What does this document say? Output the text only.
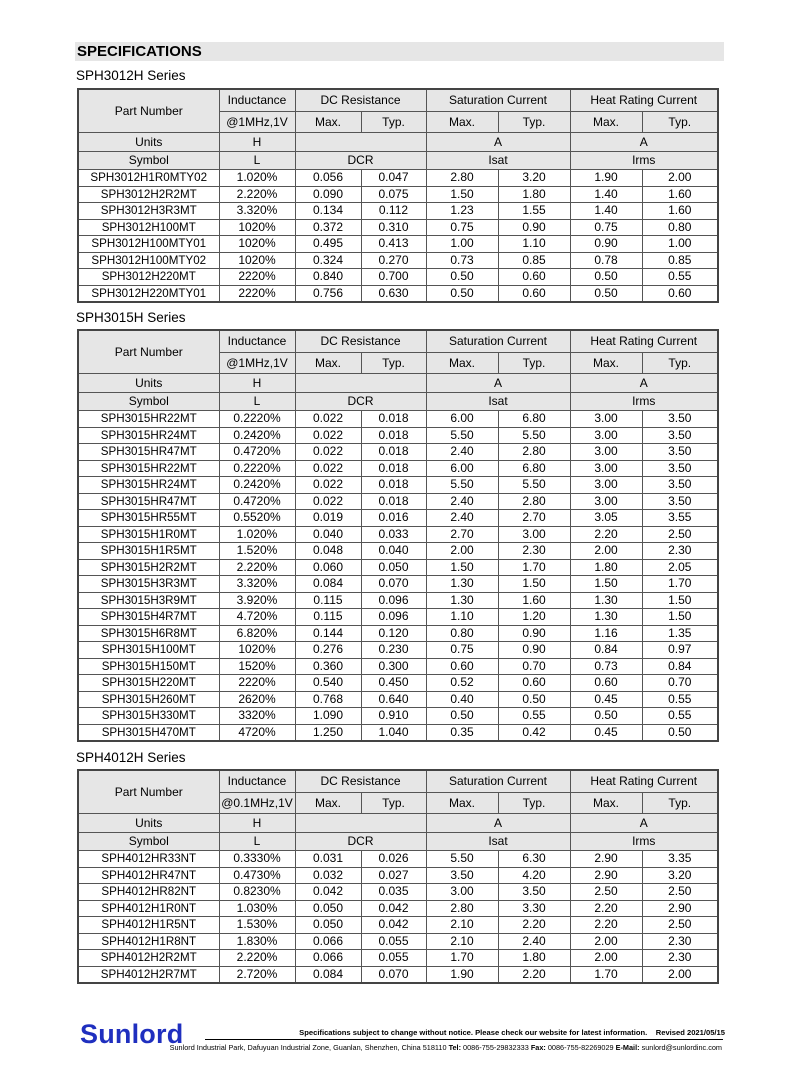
SPECIFICATIONS
SPH3012H Series
Part Number	Inductance	DC Resistance		Saturation Current		Heat Rating Current	
	@1MHz,1V	Max.	Typ.	Max.	Typ.	Max.	Typ.
Units	H			A		A	
Symbol	L	DCR		Isat		Irms	
SPH3012H1R0MTY02	1.020%	0.056	0.047	2.80	3.20	1.90	2.00
SPH3012H2R2MT	2.220%	0.090	0.075	1.50	1.80	1.40	1.60
SPH3012H3R3MT	3.320%	0.134	0.112	1.23	1.55	1.40	1.60
SPH3012H100MT	1020%	0.372	0.310	0.75	0.90	0.75	0.80
SPH3012H100MTY01	1020%	0.495	0.413	1.00	1.10	0.90	1.00
SPH3012H100MTY02	1020%	0.324	0.270	0.73	0.85	0.78	0.85
SPH3012H220MT	2220%	0.840	0.700	0.50	0.60	0.50	0.55
SPH3012H220MTY01	2220%	0.756	0.630	0.50	0.60	0.50	0.60
SPH3015H Series
Part Number	Inductance	DC Resistance		Saturation Current		Heat Rating Current	
	@1MHz,1V	Max.	Typ.	Max.	Typ.	Max.	Typ.
Units	H			A		A	
Symbol	L	DCR		Isat		Irms	
SPH3015HR22MT	0.2220%	0.022	0.018	6.00	6.80	3.00	3.50
SPH3015HR24MT	0.2420%	0.022	0.018	5.50	5.50	3.00	3.50
SPH3015HR47MT	0.4720%	0.022	0.018	2.40	2.80	3.00	3.50
SPH3015HR22MT	0.2220%	0.022	0.018	6.00	6.80	3.00	3.50
SPH3015HR24MT	0.2420%	0.022	0.018	5.50	5.50	3.00	3.50
SPH3015HR47MT	0.4720%	0.022	0.018	2.40	2.80	3.00	3.50
SPH3015HR55MT	0.5520%	0.019	0.016	2.40	2.70	3.05	3.55
SPH3015H1R0MT	1.020%	0.040	0.033	2.70	3.00	2.20	2.50
SPH3015H1R5MT	1.520%	0.048	0.040	2.00	2.30	2.00	2.30
SPH3015H2R2MT	2.220%	0.060	0.050	1.50	1.70	1.80	2.05
SPH3015H3R3MT	3.320%	0.084	0.070	1.30	1.50	1.50	1.70
SPH3015H3R9MT	3.920%	0.115	0.096	1.30	1.60	1.30	1.50
SPH3015H4R7MT	4.720%	0.115	0.096	1.10	1.20	1.30	1.50
SPH3015H6R8MT	6.820%	0.144	0.120	0.80	0.90	1.16	1.35
SPH3015H100MT	1020%	0.276	0.230	0.75	0.90	0.84	0.97
SPH3015H150MT	1520%	0.360	0.300	0.60	0.70	0.73	0.84
SPH3015H220MT	2220%	0.540	0.450	0.52	0.60	0.60	0.70
SPH3015H260MT	2620%	0.768	0.640	0.40	0.50	0.45	0.55
SPH3015H330MT	3320%	1.090	0.910	0.50	0.55	0.50	0.55
SPH3015H470MT	4720%	1.250	1.040	0.35	0.42	0.45	0.50
SPH4012H Series
Part Number	Inductance	DC Resistance		Saturation Current		Heat Rating Current	
	@0.1MHz,1V	Max.	Typ.	Max.	Typ.	Max.	Typ.
Units	H			A		A	
Symbol	L	DCR		Isat		Irms	
SPH4012HR33NT	0.3330%	0.031	0.026	5.50	6.30	2.90	3.35
SPH4012HR47NT	0.4730%	0.032	0.027	3.50	4.20	2.90	3.20
SPH4012HR82NT	0.8230%	0.042	0.035	3.00	3.50	2.50	2.50
SPH4012H1R0NT	1.030%	0.050	0.042	2.80	3.30	2.20	2.90
SPH4012H1R5NT	1.530%	0.050	0.042	2.10	2.20	2.20	2.50
SPH4012H1R8NT	1.830%	0.066	0.055	2.10	2.40	2.00	2.30
SPH4012H2R2MT	2.220%	0.066	0.055	1.70	1.80	2.00	2.30
SPH4012H2R7MT	2.720%	0.084	0.070	1.90	2.20	1.70	2.00
Sunlord	Specifications subject to change without notice. Please check our website for latest information. Revised 2021/05/15
Sunlord Industrial Park, Dafuyuan Industrial Zone, Guanlan, Shenzhen, China 518110 Tel: 0086-755-29832333 Fax: 0086-755-82269029 E-Mail: sunlord@sunlordinc.com
